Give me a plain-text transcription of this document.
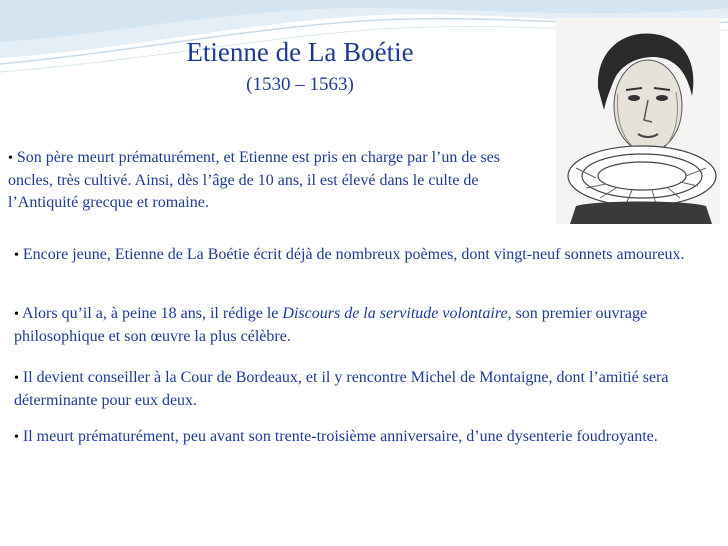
Etienne de La Boétie
(1530 – 1563)
• Son père meurt prématurément, et Etienne est pris en charge par l’un de ses oncles, très cultivé. Ainsi, dès l’âge de 10 ans, il est élevé dans le culte de l’Antiquité grecque et romaine.
• Encore jeune, Etienne de La Boétie écrit déjà de nombreux poèmes, dont vingt-neuf sonnets amoureux.
• Alors qu’il a, à peine 18 ans, il rédige le Discours de la servitude volontaire, son premier ouvrage philosophique et son œuvre la plus célèbre.
• Il devient conseiller à la Cour de Bordeaux, et il y rencontre Michel de Montaigne, dont l’amitié sera déterminante pour eux deux.
• Il meurt prématurément, peu avant son trente-troisième anniversaire, d’une dysenterie foudroyante.
